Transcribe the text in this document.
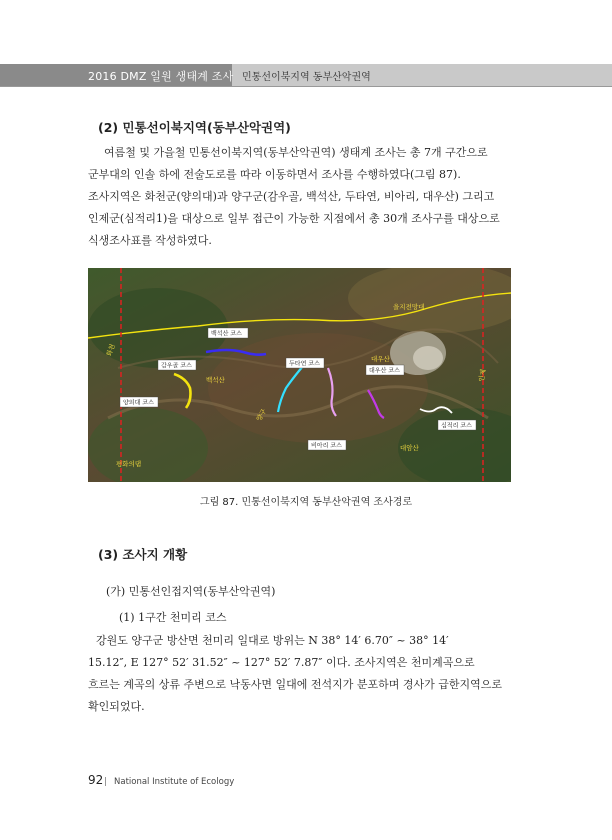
2016 DMZ 일원 생태계 조사 민통선이북지역 동부산악권역
(2) 민통선이북지역(동부산악권역)
여름철 및 가을철 민통선이북지역(동부산악권역) 생태계 조사는 총 7개 구간으로
군부대의 인솔 하에 전술도로를 따라 이동하면서 조사를 수행하였다(그림 87).
조사지역은 화천군(양의대)과 양구군(감우골, 백석산, 두타연, 비아리, 대우산) 그리고
인제군(심적리1)을 대상으로 일부 접근이 가능한 지점에서 총 30개 조사구를 대상으로
식생조사표를 작성하였다.
백석산 코스
감우골 코스	두타연 코스
대우산 코스
양의대 코스
비아리 코스
심적리 코스
을지전망대
대우산
백석산
대암산
화천
양구
인제
평화의댐
그림 87. 민통선이북지역 동부산악권역 조사경로
(3) 조사지 개황
(가) 민통선인접지역(동부산악권역)
(1) 1구간 천미리 코스
강원도 양구군 방산면 천미리 일대로 방위는 N 38° 14′ 6.70″ ~ 38° 14′
15.12″, E 127° 52′ 31.52″ ~ 127° 52′ 7.87″ 이다. 조사지역은 천미계곡으로
흐르는 계곡의 상류 주변으로 낙동사면 일대에 전석지가 분포하며 경사가 급한지역으로
확인되었다.
92 | National Institute of Ecology
